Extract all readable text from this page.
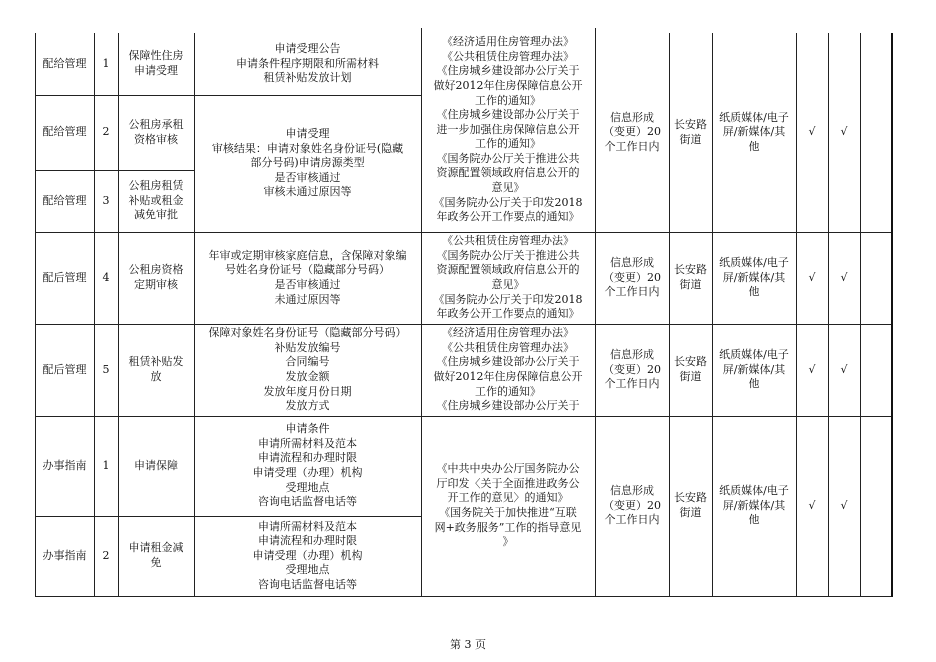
配给管理 1
保障性住房
申请受理
申请受理公告
申请条件程序期限和所需材料
租赁补贴发放计划
配给管理 2
公租房承租
资格审核	申请受理
审核结果：申请对象姓名身份证号(隐藏
部分号码)申请房源类型
是否审核通过
审核未通过原因等
配给管理 3
公租房租赁
补贴或租金
减免审批
《经济适用住房管理办法》
《公共租赁住房管理办法》
《住房城乡建设部办公厅关于
做好2012年住房保障信息公开
工作的通知》
《住房城乡建设部办公厅关于
进一步加强住房保障信息公开
工作的通知》
《国务院办公厅关于推进公共
资源配置领域政府信息公开的
意见》
《国务院办公厅关于印发2018
年政务公开工作要点的通知》
信息形成
（变更）20
个工作日内
长安路
街道
纸质媒体/电子
屏/新媒体/其
他
√ √
配后管理 4
公租房资格
定期审核
年审或定期审核家庭信息，含保障对象编
号姓名身份证号（隐藏部分号码）
是否审核通过
未通过原因等
《公共租赁住房管理办法》
《国务院办公厅关于推进公共
资源配置领域政府信息公开的
意见》
《国务院办公厅关于印发2018
年政务公开工作要点的通知》
信息形成
（变更）20
个工作日内
长安路
街道
纸质媒体/电子
屏/新媒体/其
他
√ √
配后管理 5
租赁补贴发
放
保障对象姓名身份证号（隐藏部分号码）
补贴发放编号
合同编号
发放金额
发放年度月份日期
发放方式
《经济适用住房管理办法》
《公共租赁住房管理办法》
《住房城乡建设部办公厅关于
做好2012年住房保障信息公开
工作的通知》
《住房城乡建设部办公厅关于
信息形成
（变更）20
个工作日内
长安路
街道
纸质媒体/电子
屏/新媒体/其
他
√ √
办事指南 1	申请保障
申请条件
申请所需材料及范本
申请流程和办理时限
申请受理（办理）机构
受理地点
咨询电话监督电话等
办事指南 2
申请租金减
免
申请所需材料及范本
申请流程和办理时限
申请受理（办理）机构
受理地点
咨询电话监督电话等
《中共中央办公厅国务院办公
厅印发〈关于全面推进政务公
开工作的意见〉的通知》
《国务院关于加快推进“互联
网+政务服务”工作的指导意见
》
信息形成
（变更）20
个工作日内
长安路
街道
纸质媒体/电子
屏/新媒体/其
他
√ √
第 3 页
